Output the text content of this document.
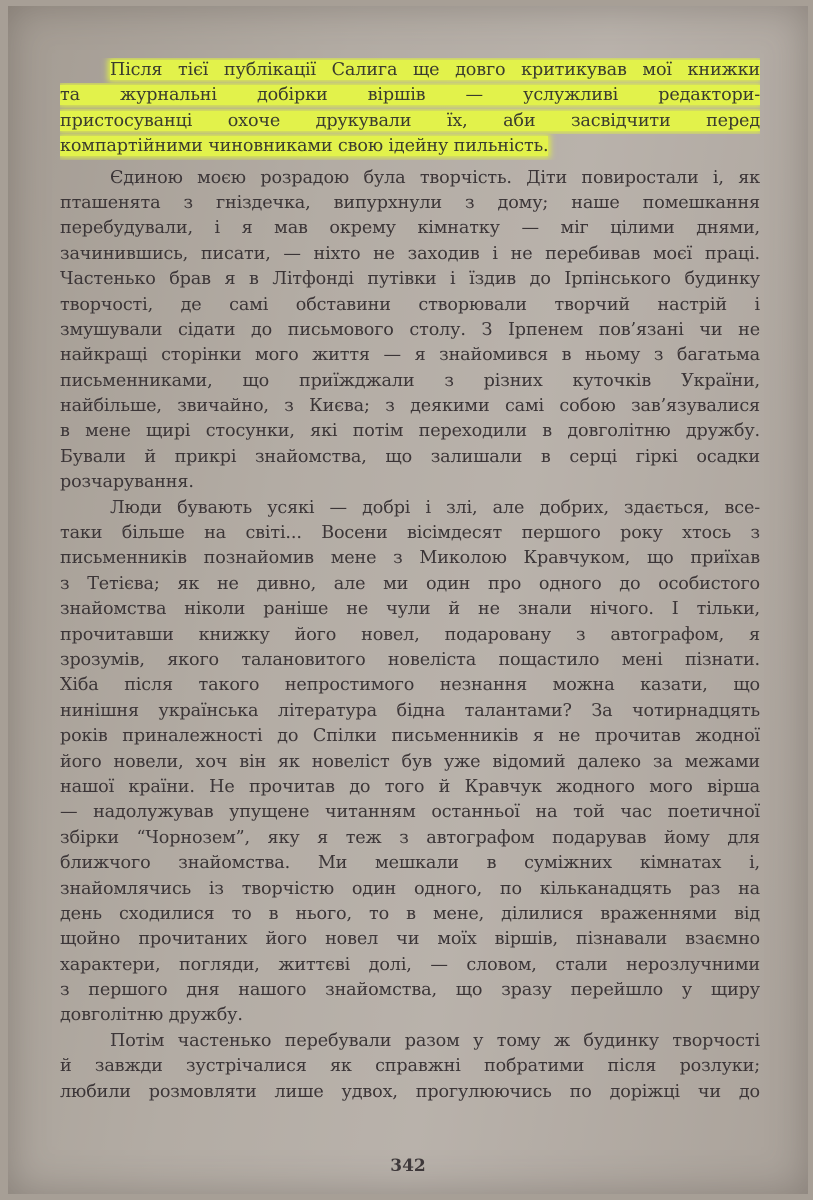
Після тієї публікації Салига ще довго критикував мої книжки
та журнальні добірки віршів — услужливі редактори-
пристосуванці охоче друкували їх, аби засвідчити перед
компартійними чиновниками свою ідейну пильність.
Єдиною моєю розрадою була творчість. Діти повиростали і, як
пташенята з гніздечка, випурхнули з дому; наше помешкання
перебудували, і я мав окрему кімнатку — міг цілими днями,
зачинившись, писати, — ніхто не заходив і не перебивав моєї праці.
Частенько брав я в Літфонді путівки і їздив до Ірпінського будинку
творчості, де самі обставини створювали творчий настрій і
змушували сідати до письмового столу. З Ірпенем пов’язані чи не
найкращі сторінки мого життя — я знайомився в ньому з багатьма
письменниками, що приїжджали з різних куточків України,
найбільше, звичайно, з Києва; з деякими самі собою зав’язувалися
в мене щирі стосунки, які потім переходили в довголітню дружбу.
Бували й прикрі знайомства, що залишали в серці гіркі осадки
розчарування.
Люди бувають усякі — добрі і злі, але добрих, здається, все-
таки більше на світі... Восени вісімдесят першого року хтось з
письменників познайомив мене з Миколою Кравчуком, що приїхав
з Тетієва; як не дивно, але ми один про одного до особистого
знайомства ніколи раніше не чули й не знали нічого. І тільки,
прочитавши книжку його новел, подаровану з автографом, я
зрозумів, якого талановитого новеліста пощастило мені пізнати.
Хіба після такого непростимого незнання можна казати, що
нинішня українська література бідна талантами? За чотирнадцять
років приналежності до Спілки письменників я не прочитав жодної
його новели, хоч він як новеліст був уже відомий далеко за межами
нашої країни. Не прочитав до того й Кравчук жодного мого вірша
— надолужував упущене читанням останньої на той час поетичної
збірки “Чорнозем”, яку я теж з автографом подарував йому для
ближчого знайомства. Ми мешкали в суміжних кімнатах і,
знайомлячись із творчістю один одного, по кільканадцять раз на
день сходилися то в нього, то в мене, ділилися враженнями від
щойно прочитаних його новел чи моїх віршів, пізнавали взаємно
характери, погляди, життєві долі, — словом, стали нерозлучними
з першого дня нашого знайомства, що зразу перейшло у щиру
довголітню дружбу.
Потім частенько перебували разом у тому ж будинку творчості
й завжди зустрічалися як справжні побратими після розлуки;
любили розмовляти лише удвох, прогулюючись по доріжці чи до
342
